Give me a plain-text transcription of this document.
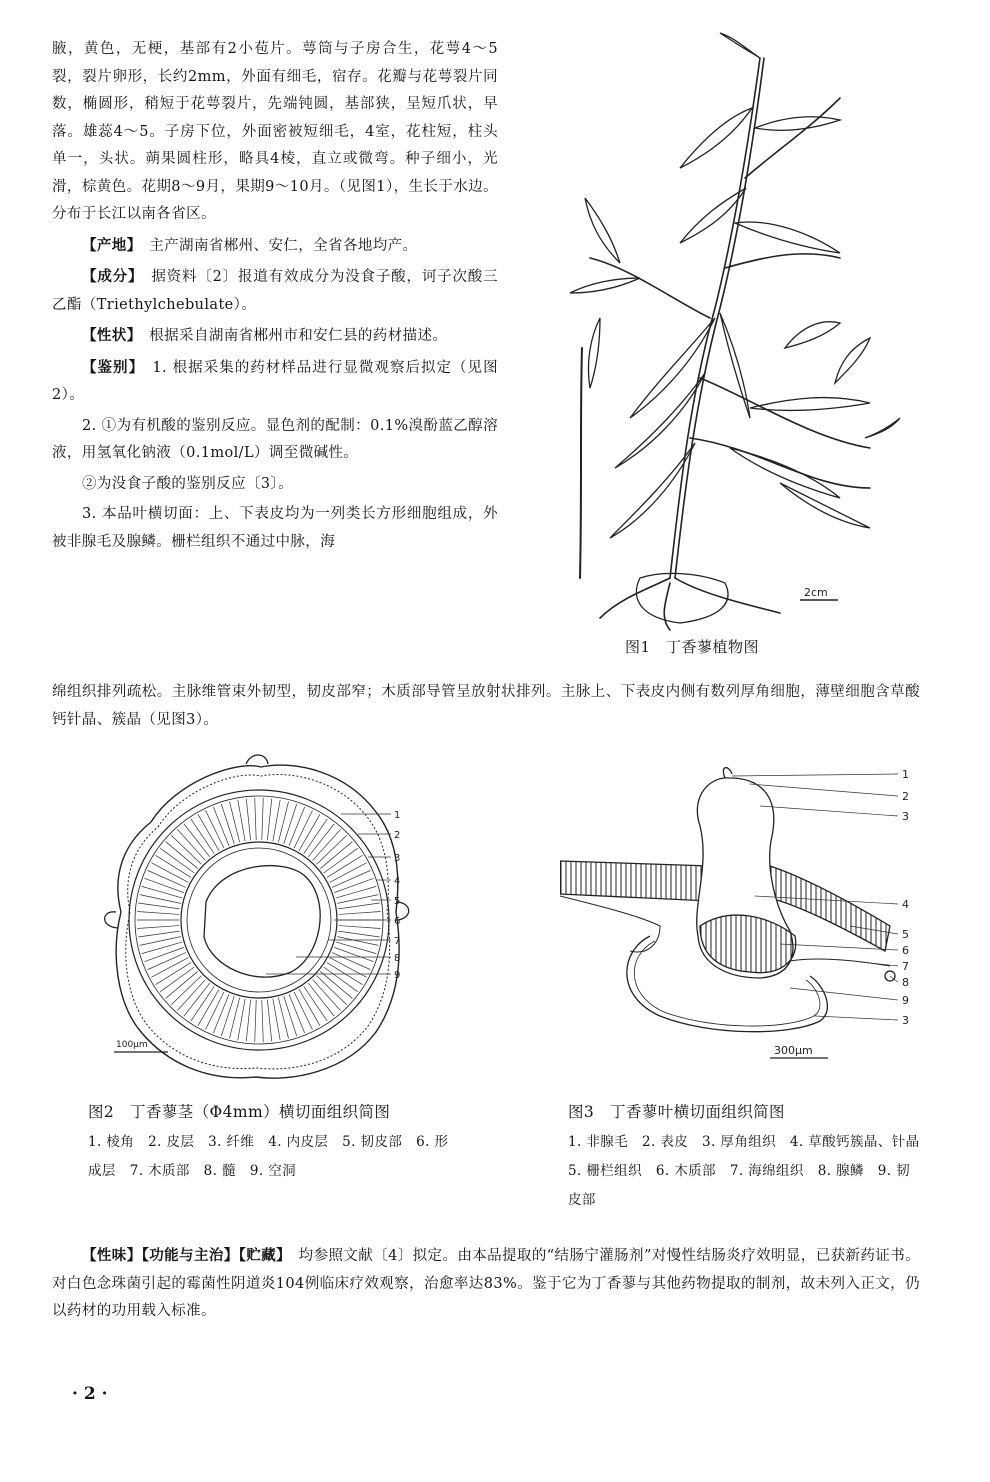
腋，黄色，无梗，基部有2小苞片。萼筒与子房合生，花萼4～5裂，裂片卵形，长约2mm，外面有细毛，宿存。花瓣与花萼裂片同数，椭圆形，稍短于花萼裂片，先端钝圆，基部狭，呈短爪状，早落。雄蕊4～5。子房下位，外面密被短细毛，4室，花柱短，柱头单一，头状。蒴果圆柱形，略具4棱，直立或微弯。种子细小，光滑，棕黄色。花期8～9月，果期9～10月。（见图1），生长于水边。分布于长江以南各省区。

【产地】　主产湖南省郴州、安仁，全省各地均产。

【成分】　据资料〔2〕报道有效成分为没食子酸，诃子次酸三乙酯（Triethylchebulate）。

【性状】　根据采自湖南省郴州市和安仁县的药材描述。

【鉴别】　1. 根据采集的药材样品进行显微观察后拟定（见图2）。

2. ①为有机酸的鉴别反应。显色剂的配制：0.1%溴酚蓝乙醇溶液，用氢氧化钠液（0.1mol/L）调至微碱性。

②为没食子酸的鉴别反应〔3〕。

3. 本品叶横切面：上、下表皮均为一列类长方形细胞组成，外被非腺毛及腺鳞。栅栏组织不通过中脉，海

绵组织排列疏松。主脉维管束外韧型，韧皮部窄；木质部导管呈放射状排列。主脉上、下表皮内侧有数列厚角细胞，薄壁细胞含草酸钙针晶、簇晶（见图3）。

2cm
图1　丁香蓼植物图
1
2
3
4
5
6
7
8
9
100μm
1
2
3
4
5
6
7
8
9
3
300μm
图2　丁香蓼茎（Φ4mm）横切面组织简图
1. 棱角　2. 皮层　3. 纤维　4. 内皮层　5. 韧皮部　6. 形成层　7. 木质部　8. 髓　9. 空洞
图3　丁香蓼叶横切面组织简图
1. 非腺毛　2. 表皮　3. 厚角组织　4. 草酸钙簇晶、针晶　5. 栅栏组织　6. 木质部　7. 海绵组织　8. 腺鳞　9. 韧皮部

【性味】【功能与主治】【贮藏】　均参照文献〔4〕拟定。由本品提取的“结肠宁灌肠剂”对慢性结肠炎疗效明显，已获新药证书。对白色念珠菌引起的霉菌性阴道炎104例临床疗效观察，治愈率达83%。鉴于它为丁香蓼与其他药物提取的制剂，故未列入正文，仍以药材的功用载入标准。

· 2 ·
